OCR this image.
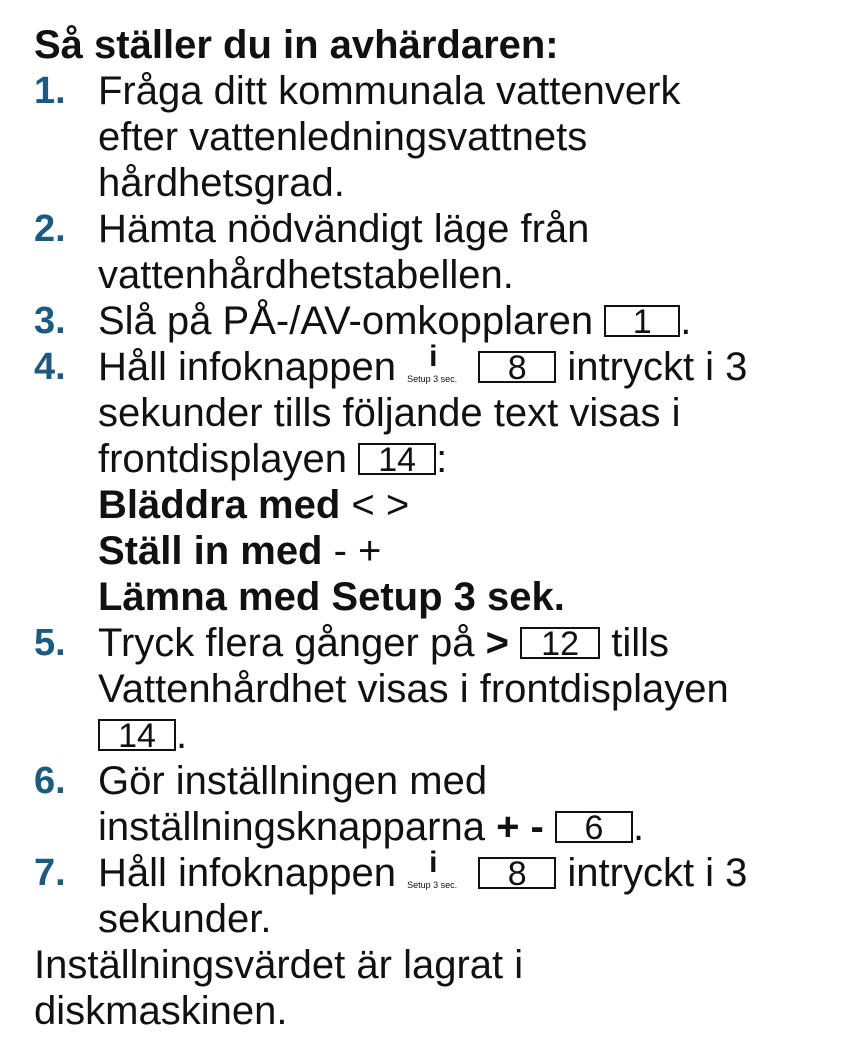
Så ställer du in avhärdaren:
1. Fråga ditt kommunala vattenverk
efter vattenledningsvattnets
hårdhetsgrad.
2. Hämta nödvändigt läge från
vattenhårdhetstabellen.
3. Slå på PÅ-/AV-omkopplaren 1 .
4. Håll infoknappen i
Setup 3 sec. 8 intryckt i 3
sekunder tills följande text visas i
frontdisplayen 14 :
Bläddra med < >
Ställ in med - +
Lämna med Setup 3 sek.
5. Tryck flera gånger på > 12 tills
Vattenhårdhet visas i frontdisplayen
14 .
6. Gör inställningen med
inställningsknapparna + - 6 .
7. Håll infoknappen i
Setup 3 sec. 8 intryckt i 3
sekunder.
Inställningsvärdet är lagrat i
diskmaskinen.
